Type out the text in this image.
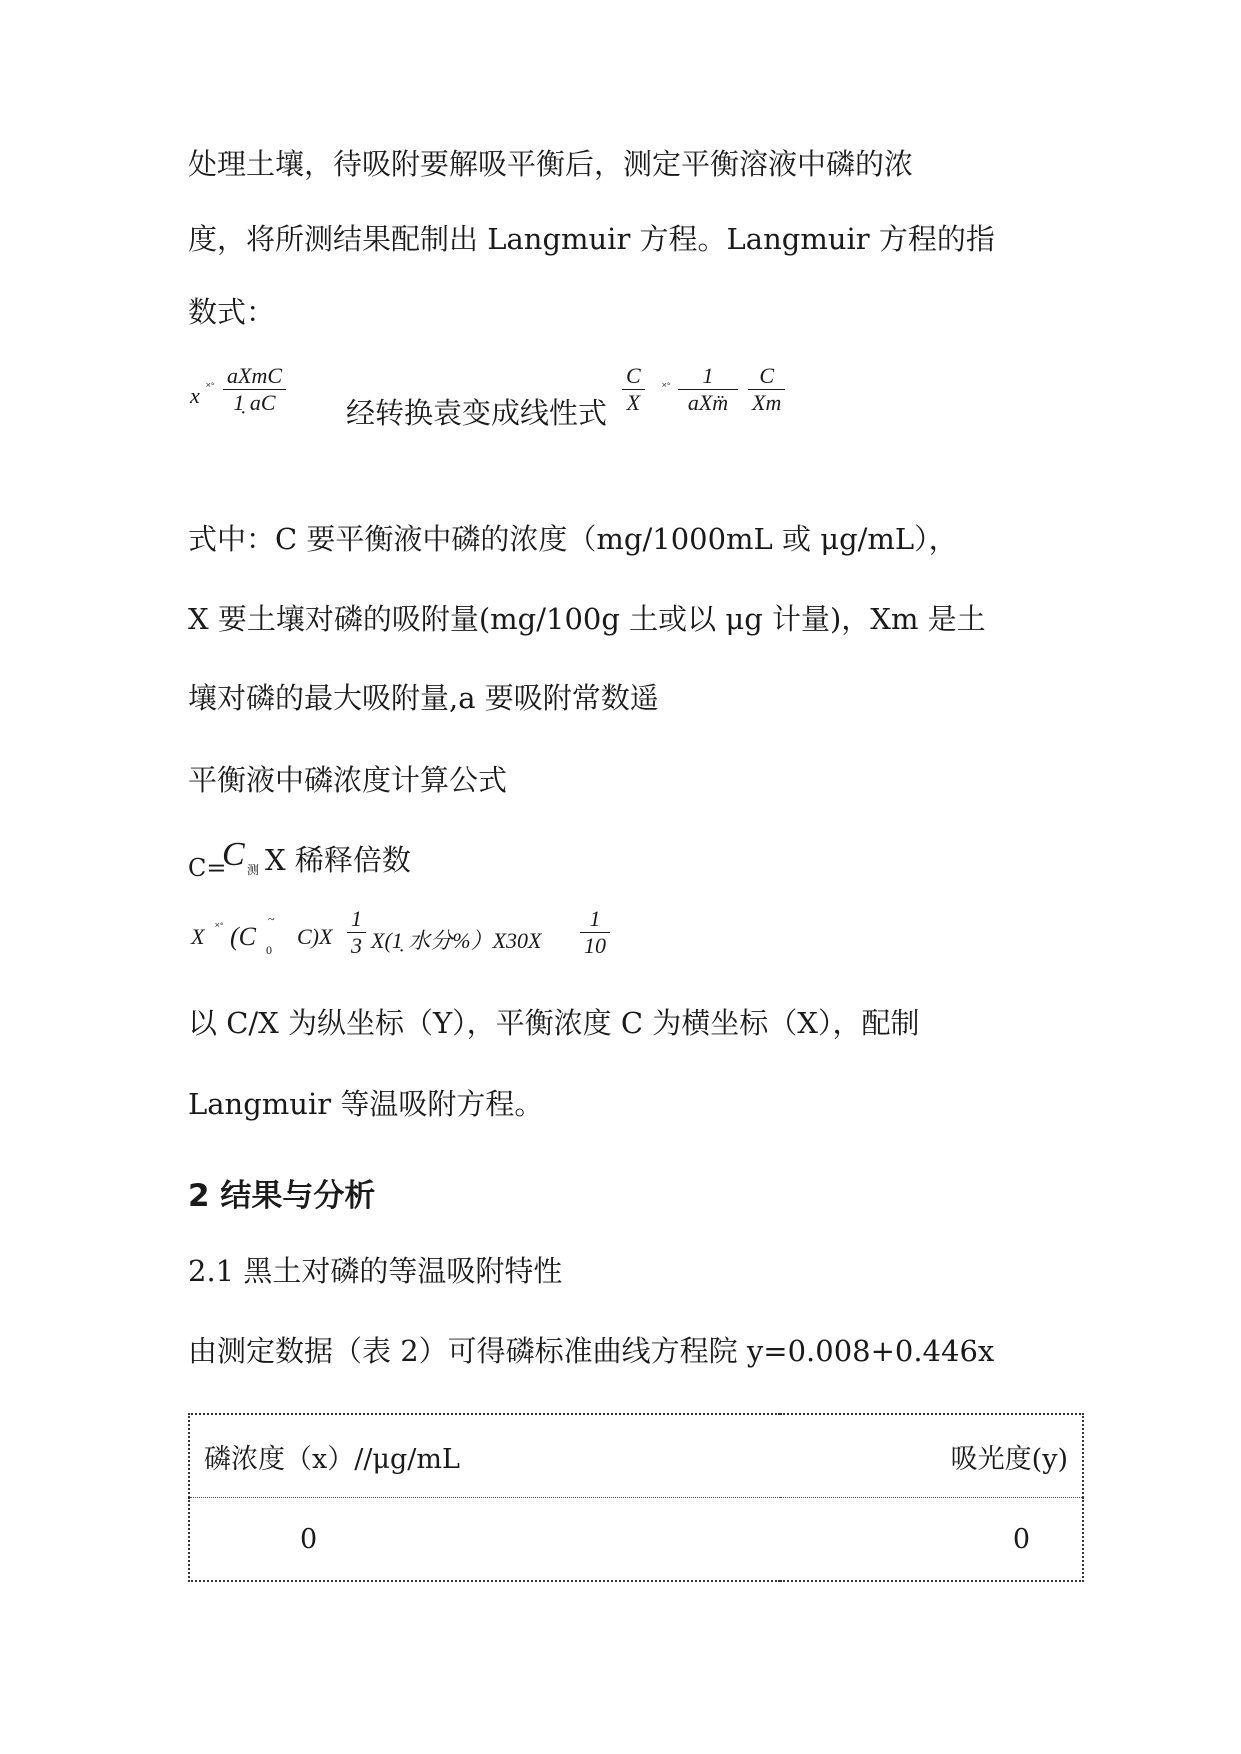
处理土壤，待吸附要解吸平衡后，测定平衡溶液中磷的浓
度，将所测结果配制出 Langmuir 方程。Langmuir 方程的指
数式：
x ˟˚ aXmC
1̣ aC	经转换袁变成线性式
C
X
˟˚	1
aXm̈
C
Xm
式中：C 要平衡液中磷的浓度（mg/1000mL 或 μg/mL），
X 要土壤对磷的吸附量(mg/100g 土或以 μg 计量)，Xm 是土
壤对磷的最大吸附量,a 要吸附常数遥
平衡液中磷浓度计算公式
C=
C 测 X 稀释倍数
X ˟˚ (C
~
0
C)X
1
3 X(1̣ 水分%）X30X
1
10
以 C/X 为纵坐标（Y），平衡浓度 C 为横坐标（X），配制
Langmuir 等温吸附方程。
2 结果与分析
2.1 黑土对磷的等温吸附特性
由测定数据（表 2）可得磷标准曲线方程院 y=0.008+0.446x
磷浓度（x）//μg/mL	吸光度(y)
0	0
